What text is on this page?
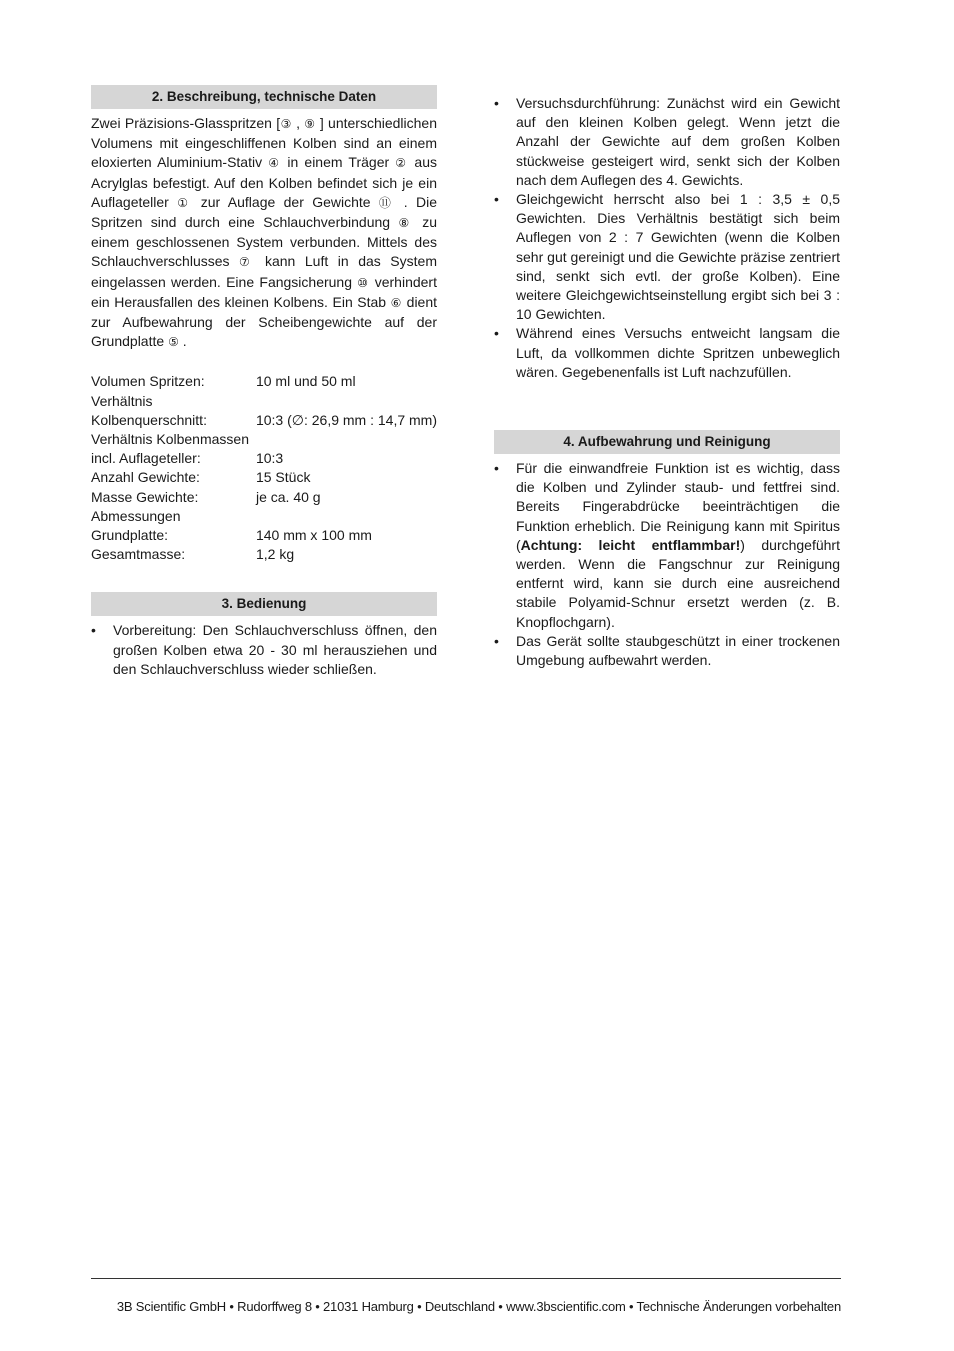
2. Beschreibung, technische Daten

Zwei Präzisions-Glasspritzen [③ , ⑨ ] unterschiedlichen Volumens mit eingeschliffenen Kolben sind an einem eloxierten Aluminium-Stativ ④ in einem Träger ② aus Acrylglas befestigt. Auf den Kolben befindet sich je ein Auflageteller ① zur Auflage der Gewichte ⑪ . Die Spritzen sind durch eine Schlauchverbindung ⑧ zu einem geschlossenen System verbunden. Mittels des Schlauchverschlusses ⑦ kann Luft in das System eingelassen werden. Eine Fangsicherung ⑩ verhindert ein Herausfallen des kleinen Kolbens. Ein Stab ⑥ dient zur Aufbewahrung der Scheibengewichte auf der Grundplatte ⑤ .

Volumen Spritzen:	10 ml und 50 ml
Verhältnis	
Kolbenquerschnitt:	10:3 (∅: 26,9 mm : 14,7 mm)
Verhältnis Kolbenmassen	
incl. Auflageteller:	10:3
Anzahl Gewichte:	15 Stück
Masse Gewichte:	je ca. 40 g
Abmessungen	
Grundplatte:	140 mm x 100 mm
Gesamtmasse:	1,2 kg
3. Bedienung
• Vorbereitung: Den Schlauchverschluss öffnen, den großen Kolben etwa 20 - 30 ml herausziehen und den Schlauchverschluss wieder schließen.
• Versuchsdurchführung: Zunächst wird ein Gewicht auf den kleinen Kolben gelegt. Wenn jetzt die Anzahl der Gewichte auf dem großen Kolben stückweise gesteigert wird, senkt sich der Kolben nach dem Auflegen des 4. Gewichts.
• Gleichgewicht herrscht also bei 1 : 3,5 ± 0,5 Gewichten. Dies Verhältnis bestätigt sich beim Auflegen von 2 : 7 Gewichten (wenn die Kolben sehr gut gereinigt und die Gewichte präzise zentriert sind, senkt sich evtl. der große Kolben). Eine weitere Gleichgewichtseinstellung ergibt sich bei 3 : 10 Gewichten.
• Während eines Versuchs entweicht langsam die Luft, da vollkommen dichte Spritzen unbeweglich wären. Gegebenenfalls ist Luft nachzufüllen.
4. Aufbewahrung und Reinigung
• Für die einwandfreie Funktion ist es wichtig, dass die Kolben und Zylinder staub- und fettfrei sind. Bereits Fingerabdrücke beeinträchtigen die Funktion erheblich. Die Reinigung kann mit Spiritus (Achtung: leicht entflammbar!) durchgeführt werden. Wenn die Fangschnur zur Reinigung entfernt wird, kann sie durch eine ausreichend stabile Polyamid-Schnur ersetzt werden (z. B. Knopflochgarn).
• Das Gerät sollte staubgeschützt in einer trockenen Umgebung aufbewahrt werden.
3B Scientific GmbH • Rudorffweg 8 • 21031 Hamburg • Deutschland • www.3bscientific.com • Technische Änderungen vorbehalten
